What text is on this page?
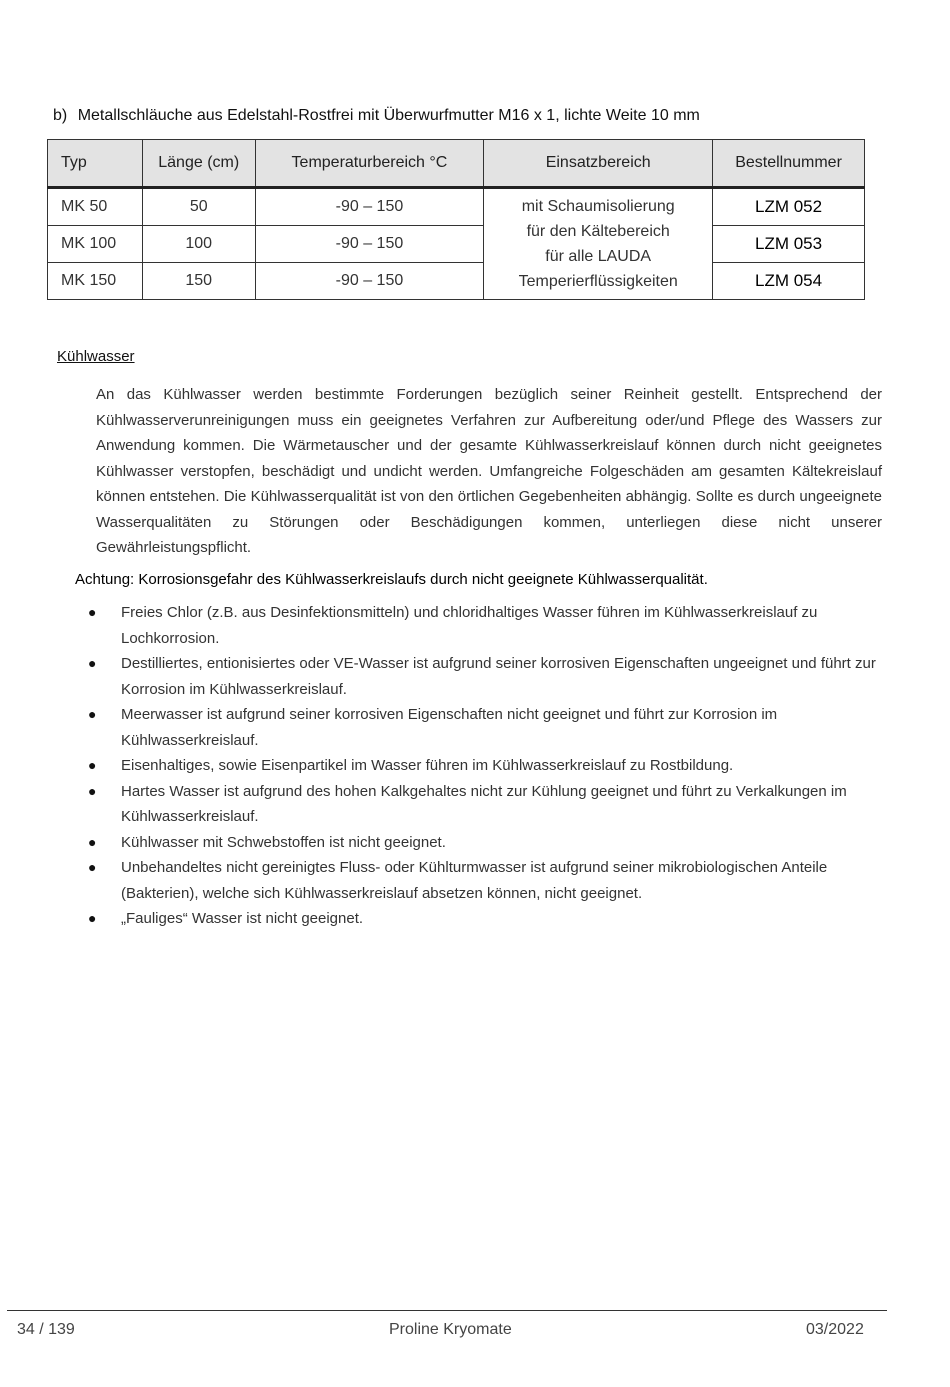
b) Metallschläuche aus Edelstahl-Rostfrei mit Überwurfmutter M16 x 1, lichte Weite 10 mm
Typ	Länge (cm)	Temperaturbereich °C	Einsatzbereich	Bestellnummer
MK 50	50	-90 – 150	mit Schaumisolierung
für den Kältebereich
für alle LAUDA
Temperierflüssigkeiten	LZM 052
MK 100	100	-90 – 150		LZM 053
MK 150	150	-90 – 150		LZM 054
Kühlwasser

An das Kühlwasser werden bestimmte Forderungen bezüglich seiner Reinheit gestellt. Entsprechend der Kühlwasserverunreinigungen muss ein geeignetes Verfahren zur Aufbereitung oder/und Pflege des Wassers zur Anwendung kommen. Die Wärmetauscher und der gesamte Kühlwasserkreislauf können durch nicht geeignetes Kühlwasser verstopfen, beschädigt und undicht werden. Umfangreiche Folgeschäden am gesamten Kältekreislauf können entstehen. Die Kühlwasserqualität ist von den örtlichen Gegebenheiten abhängig. Sollte es durch ungeeignete Wasserqualitäten zu Störungen oder Beschädigungen kommen, unterliegen diese nicht unserer Gewährleistungspflicht.

Achtung: Korrosionsgefahr des Kühlwasserkreislaufs durch nicht geeignete Kühlwasserqualität.
● Freies Chlor (z.B. aus Desinfektionsmitteln) und chloridhaltiges Wasser führen im Kühlwasserkreislauf zu Lochkorrosion.
● Destilliertes, entionisiertes oder VE-Wasser ist aufgrund seiner korrosiven Eigenschaften ungeeignet und führt zur Korrosion im Kühlwasserkreislauf.
● Meerwasser ist aufgrund seiner korrosiven Eigenschaften nicht geeignet und führt zur Korrosion im Kühlwasserkreislauf.
● Eisenhaltiges, sowie Eisenpartikel im Wasser führen im Kühlwasserkreislauf zu Rostbildung.
● Hartes Wasser ist aufgrund des hohen Kalkgehaltes nicht zur Kühlung geeignet und führt zu Verkalkungen im Kühlwasserkreislauf.
● Kühlwasser mit Schwebstoffen ist nicht geeignet.
● Unbehandeltes nicht gereinigtes Fluss- oder Kühlturmwasser ist aufgrund seiner mikrobiologischen Anteile (Bakterien), welche sich Kühlwasserkreislauf absetzen können, nicht geeignet.
● „Fauliges“ Wasser ist nicht geeignet.
34 / 139	Proline Kryomate	03/2022
